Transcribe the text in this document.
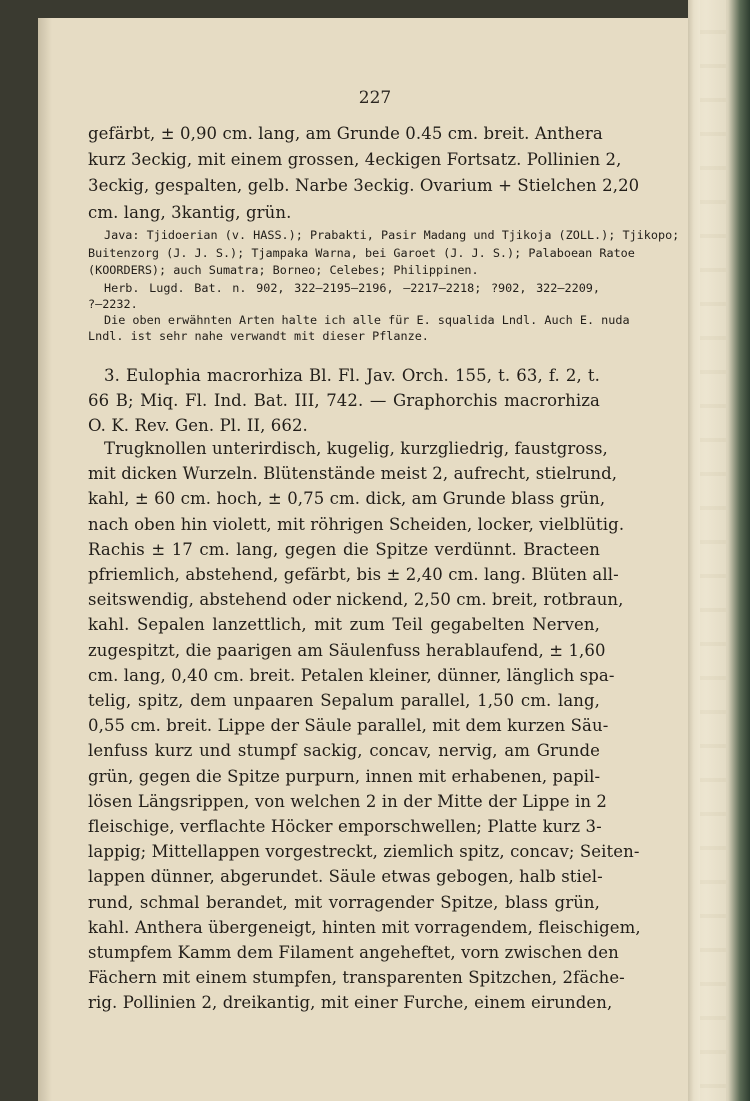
227
gefärbt, ± 0,90 cm. lang, am Grunde 0.45 cm. breit. Anthera
kurz 3eckig, mit einem grossen, 4eckigen Fortsatz. Pollinien 2,
3eckig, gespalten, gelb. Narbe 3eckig. Ovarium + Stielchen 2,20
cm. lang, 3kantig, grün.
Java: Tjidoerian (v. HASS.); Prabakti, Pasir Madang und Tjikoja (ZOLL.); Tjikopo;
Buitenzorg (J. J. S.); Tjampaka Warna, bei Garoet (J. J. S.); Palaboean Ratoe
(KOORDERS); auch Sumatra; Borneo; Celebes; Philippinen.
Herb. Lugd. Bat. n. 902, 322–2195–2196, –2217–2218; ?902, 322–2209,
?–2232.
Die oben erwähnten Arten halte ich alle für E. squalida Lndl. Auch E. nuda
Lndl. ist sehr nahe verwandt mit dieser Pflanze.
3. Eulophia macrorhiza Bl. Fl. Jav. Orch. 155, t. 63, f. 2, t.
66 B; Miq. Fl. Ind. Bat. III, 742. — Graphorchis macrorhiza
O. K. Rev. Gen. Pl. II, 662.
Trugknollen unterirdisch, kugelig, kurzgliedrig, faustgross,
mit dicken Wurzeln. Blütenstände meist 2, aufrecht, stielrund,
kahl, ± 60 cm. hoch, ± 0,75 cm. dick, am Grunde blass grün,
nach oben hin violett, mit röhrigen Scheiden, locker, vielblütig.
Rachis ± 17 cm. lang, gegen die Spitze verdünnt. Bracteen
pfriemlich, abstehend, gefärbt, bis ± 2,40 cm. lang. Blüten all-
seitswendig, abstehend oder nickend, 2,50 cm. breit, rotbraun,
kahl. Sepalen lanzettlich, mit zum Teil gegabelten Nerven,
zugespitzt, die paarigen am Säulenfuss herablaufend, ± 1,60
cm. lang, 0,40 cm. breit. Petalen kleiner, dünner, länglich spa-
telig, spitz, dem unpaaren Sepalum parallel, 1,50 cm. lang,
0,55 cm. breit. Lippe der Säule parallel, mit dem kurzen Säu-
lenfuss kurz und stumpf sackig, concav, nervig, am Grunde
grün, gegen die Spitze purpurn, innen mit erhabenen, papil-
lösen Längsrippen, von welchen 2 in der Mitte der Lippe in 2
fleischige, verflachte Höcker emporschwellen; Platte kurz 3-
lappig; Mittellappen vorgestreckt, ziemlich spitz, concav; Seiten-
lappen dünner, abgerundet. Säule etwas gebogen, halb stiel-
rund, schmal berandet, mit vorragender Spitze, blass grün,
kahl. Anthera übergeneigt, hinten mit vorragendem, fleischigem,
stumpfem Kamm dem Filament angeheftet, vorn zwischen den
Fächern mit einem stumpfen, transparenten Spitzchen, 2fäche-
rig. Pollinien 2, dreikantig, mit einer Furche, einem eirunden,
